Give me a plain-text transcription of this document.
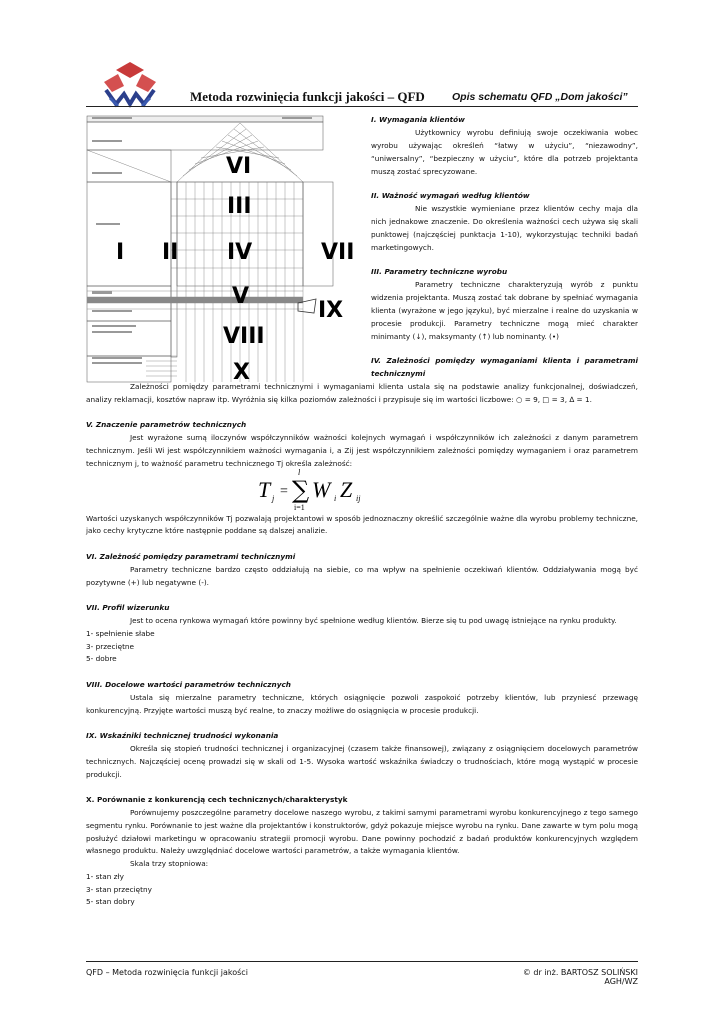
Metoda rozwinięcia funkcji jakości – QFD	Opis schematu QFD „Dom jakości”
VI
III
I II IV	VII
V
IX
VIII
X

I. Wymagania klientów

Użytkownicy wyrobu definiują swoje oczekiwania wobec wyrobu używając określeń “łatwy w użyciu”, “niezawodny”, “uniwersalny”, “bezpieczny w użyciu”, które dla potrzeb projektanta muszą zostać sprecyzowane.

II. Ważność wymagań według klientów

Nie wszystkie wymieniane przez klientów cechy maja dla nich jednakowe znaczenie. Do określenia ważności cech używa się skali punktowej (najczęściej punktacja 1-10), wykorzystując techniki badań marketingowych.

III. Parametry techniczne wyrobu

Parametry techniczne charakteryzują wyrób z punktu widzenia projektanta. Muszą zostać tak dobrane by spełniać wymagania klienta (wyrażone w jego języku), być mierzalne i realne do uzyskania w procesie produkcji. Parametry techniczne mogą mieć charakter minimanty (↓), maksymanty (↑) lub nominanty. (•)

IV. Zależności pomiędzy wymaganiami klienta i parametrami technicznymi

Zależności pomiędzy parametrami technicznymi i wymaganiami klienta ustala się na podstawie analizy funkcjonalnej, doświadczeń, analizy reklamacji, kosztów napraw itp. Wyróżnia się kilka poziomów zależności i przypisuje się im wartości liczbowe: ○ = 9, □ = 3, ∆ = 1.

V. Znaczenie parametrów technicznych

Jest wyrażone sumą iloczynów współczynników ważności kolejnych wymagań i współczynników ich zależności z danym parametrem technicznym. Jeśli Wi jest współczynnikiem ważności wymagania i, a Zij jest współczynnikiem zależności pomiędzy wymaganiem i oraz parametrem technicznym j, to ważność parametru technicznego Tj określa zależność:

T j = ∑
l
i=1
W i Z ij

Wartości uzyskanych współczynników Tj pozwalają projektantowi w sposób jednoznaczny określić szczególnie ważne dla wyrobu problemy techniczne, jako cechy krytyczne które następnie poddane są dalszej analizie.

VI. Zależność pomiędzy parametrami technicznymi

Parametry techniczne bardzo często oddziałują na siebie, co ma wpływ na spełnienie oczekiwań klientów. Oddziaływania mogą być pozytywne (+) lub negatywne (-).

VII. Profil wizerunku

Jest to ocena rynkowa wymagań które powinny być spełnione według klientów. Bierze się tu pod uwagę istniejące na rynku produkty.

1- spełnienie słabe

3- przeciętne

5- dobre

VIII. Docelowe wartości parametrów technicznych

Ustala się mierzalne parametry techniczne, których osiągnięcie pozwoli zaspokoić potrzeby klientów, lub przyniesć przewagę konkurencyjną. Przyjęte wartości muszą być realne, to znaczy możliwe do osiągnięcia w procesie produkcji.

IX. Wskaźniki technicznej trudności wykonania

Określa się stopień trudności technicznej i organizacyjnej (czasem także finansowej), związany z osiągnięciem docelowych parametrów technicznych. Najczęściej ocenę prowadzi się w skali od 1-5. Wysoka wartość wskaźnika świadczy o trudnościach, które mogą wystąpić w procesie produkcji.

X. Porównanie z konkurencją cech technicznych/charakterystyk

Porównujemy poszczególne parametry docelowe naszego wyrobu, z takimi samymi parametrami wyrobu konkurencyjnego z tego samego segmentu rynku. Porównanie to jest ważne dla projektantów i konstruktorów, gdyż pokazuje miejsce wyrobu na rynku. Dane zawarte w tym polu mogą posłużyć działowi marketingu w opracowaniu strategii promocji wyrobu. Dane powinny pochodzić z badań produktów konkurencyjnych względem własnego produktu. Należy uwzględniać docelowe wartości parametrów, a także wymagania klientów.

Skala trzy stopniowa:

1- stan zły

3- stan przeciętny

5- stan dobry

QFD – Metoda rozwinięcia funkcji jakości	© dr inż. BARTOSZ SOLIŃSKI AGH/WZ
